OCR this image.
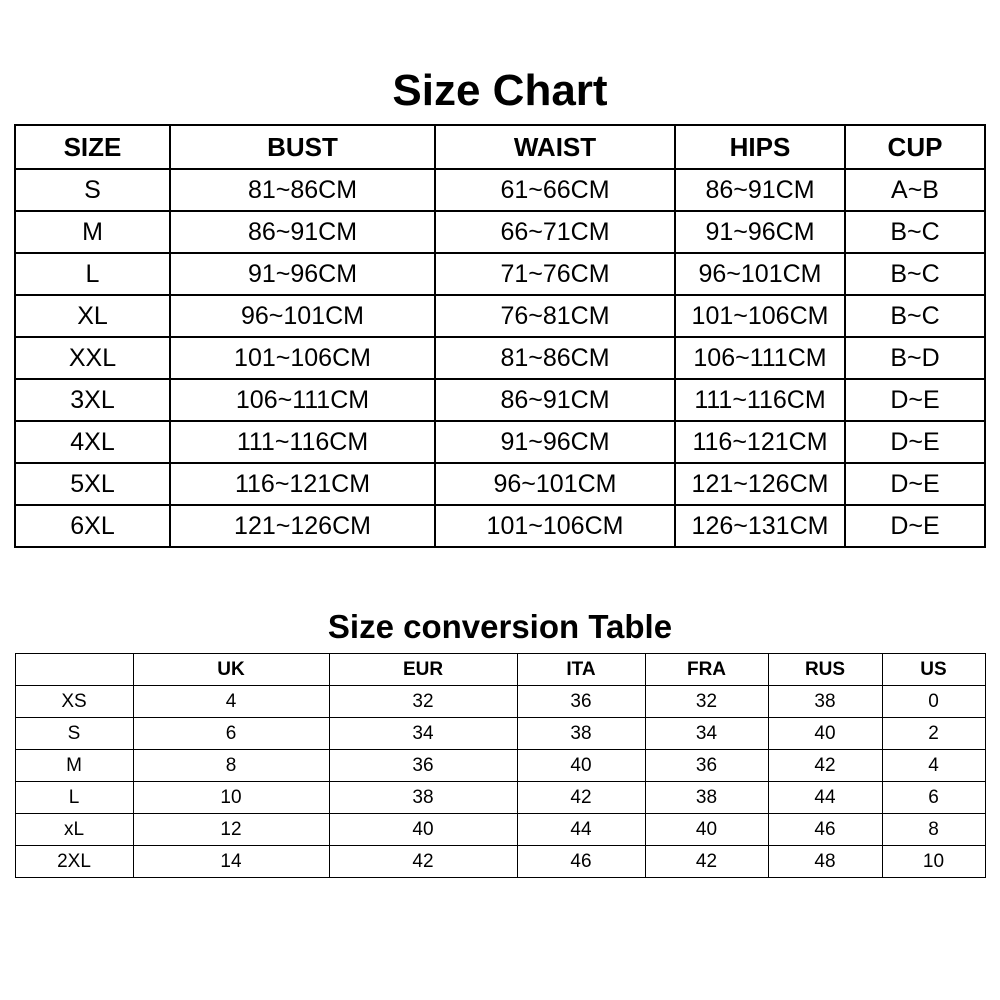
Size Chart
SIZE	BUST	WAIST	HIPS	CUP
S	81~86CM	61~66CM	86~91CM	A~B
M	86~91CM	66~71CM	91~96CM	B~C
L	91~96CM	71~76CM	96~101CM	B~C
XL	96~101CM	76~81CM	101~106CM	B~C
XXL	101~106CM	81~86CM	106~111CM	B~D
3XL	106~111CM	86~91CM	111~116CM	D~E
4XL	111~116CM	91~96CM	116~121CM	D~E
5XL	116~121CM	96~101CM	121~126CM	D~E
6XL	121~126CM	101~106CM	126~131CM	D~E
Size conversion Table
	UK	EUR	ITA	FRA	RUS	US
XS	4	32	36	32	38	0
S	6	34	38	34	40	2
M	8	36	40	36	42	4
L	10	38	42	38	44	6
xL	12	40	44	40	46	8
2XL	14	42	46	42	48	10
